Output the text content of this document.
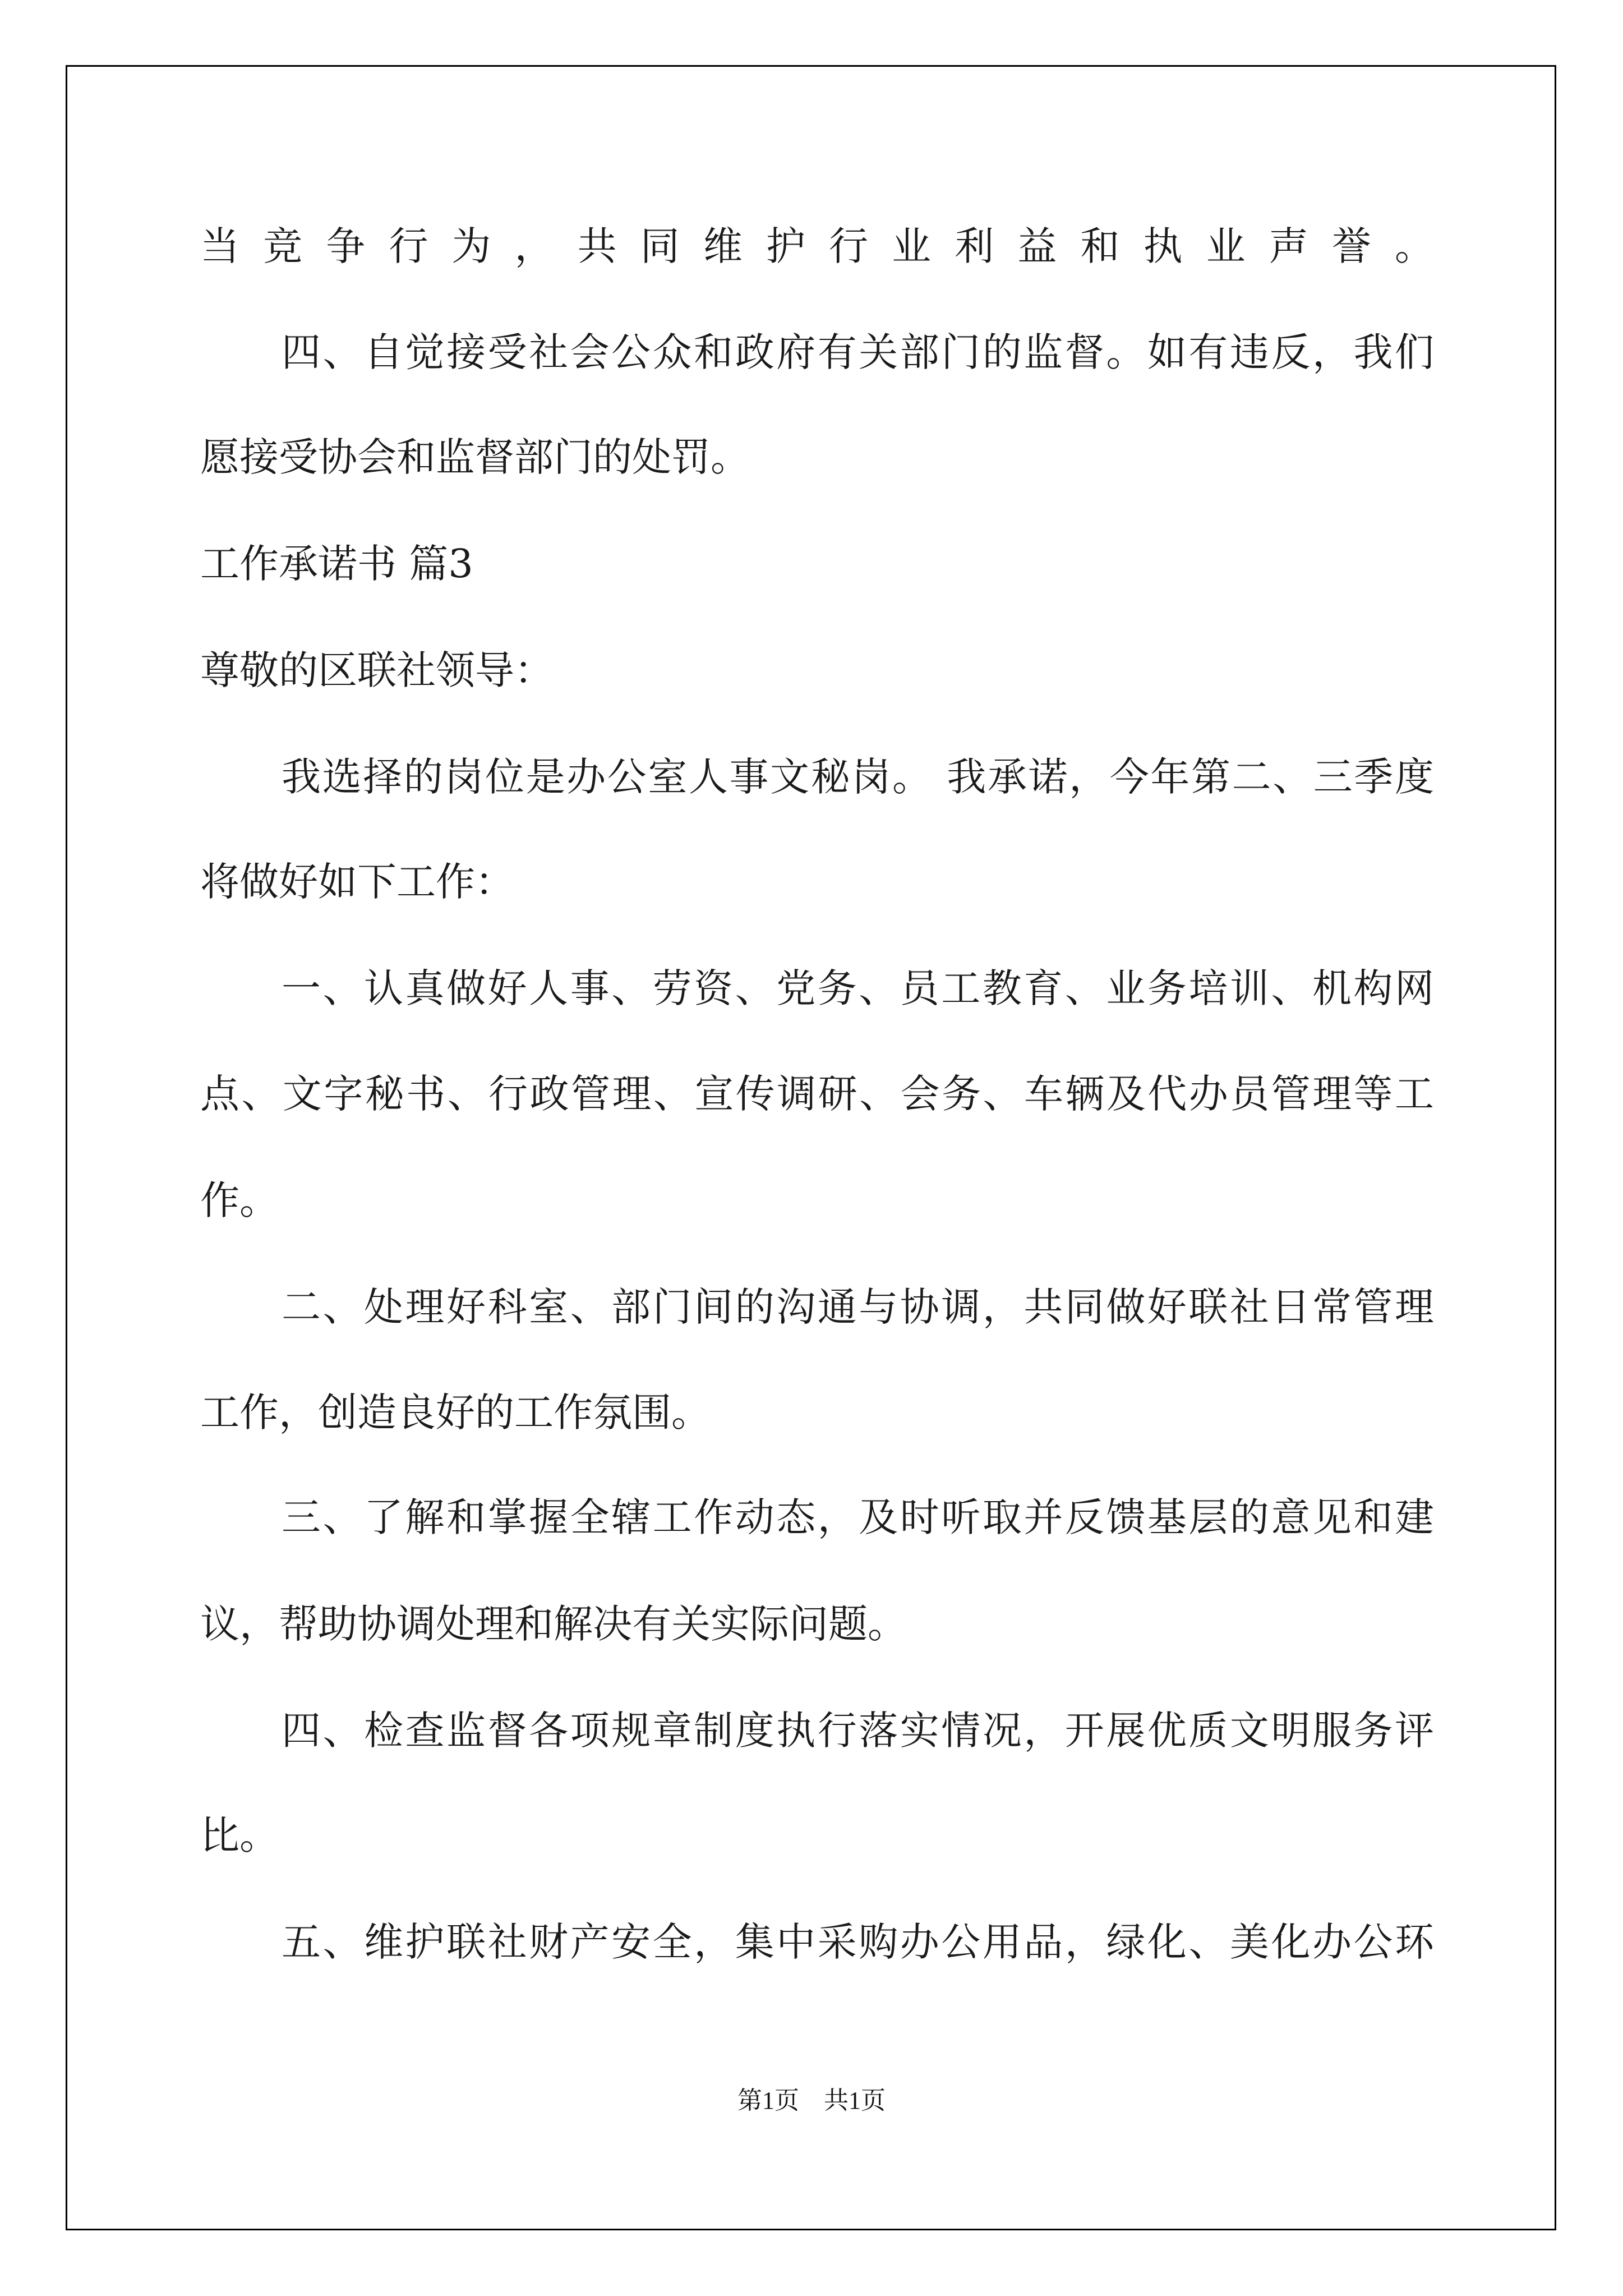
当竞争行为，共同维护行业利益和执业声誉。
四、自觉接受社会公众和政府有关部门的监督。如有违反，我们
愿接受协会和监督部门的处罚。
工作承诺书 篇3
尊敬的区联社领导：
我选择的岗位是办公室人事文秘岗。 我承诺，今年第二、三季度
将做好如下工作：
一、认真做好人事、劳资、党务、员工教育、业务培训、机构网
点、文字秘书、行政管理、宣传调研、会务、车辆及代办员管理等工
作。
二、处理好科室、部门间的沟通与协调，共同做好联社日常管理
工作，创造良好的工作氛围。
三、了解和掌握全辖工作动态，及时听取并反馈基层的意见和建
议，帮助协调处理和解决有关实际问题。
四、检查监督各项规章制度执行落实情况，开展优质文明服务评
比。
五、维护联社财产安全，集中采购办公用品，绿化、美化办公环
第1页　共1页
